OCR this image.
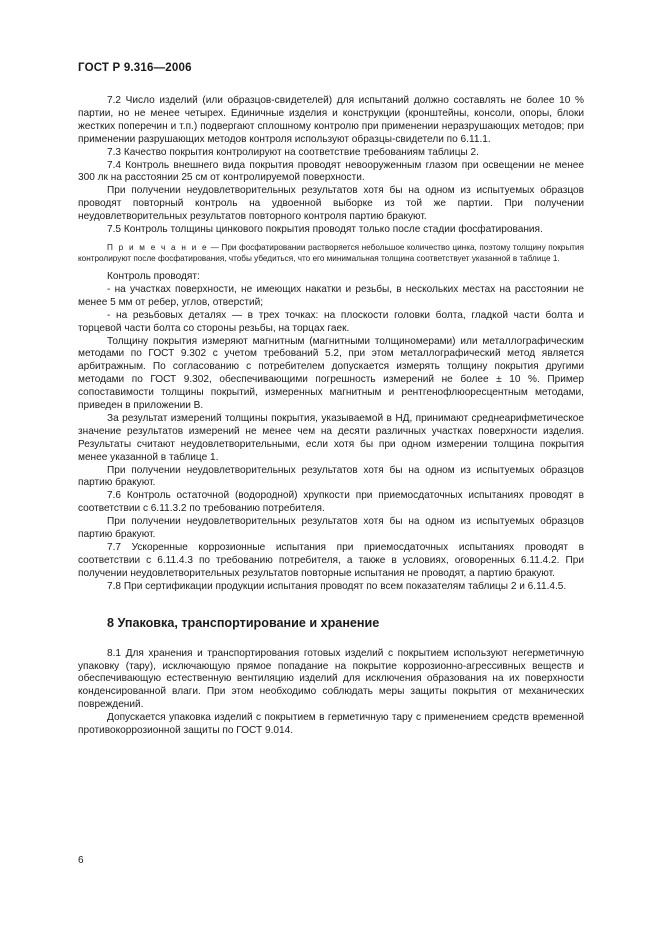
ГОСТ Р 9.316—2006

7.2 Число изделий (или образцов-свидетелей) для испытаний должно составлять не более 10 % партии, но не менее четырех. Единичные изделия и конструкции (кронштейны, консоли, опоры, блоки жестких поперечин и т.п.) подвергают сплошному контролю при применении неразрушающих методов; при применении разрушающих методов контроля используют образцы-свидетели по 6.11.1.

7.3 Качество покрытия контролируют на соответствие требованиям таблицы 2.

7.4 Контроль внешнего вида покрытия проводят невооруженным глазом при освещении не менее 300 лк на расстоянии 25 см от контролируемой поверхности.

При получении неудовлетворительных результатов хотя бы на одном из испытуемых образцов проводят повторный контроль на удвоенной выборке из той же партии. При получении неудовлетворительных результатов повторного контроля партию бракуют.

7.5 Контроль толщины цинкового покрытия проводят только после стадии фосфатирования.

П р и м е ч а н и е — При фосфатировании растворяется небольшое количество цинка, поэтому толщину покрытия контролируют после фосфатирования, чтобы убедиться, что его минимальная толщина соответствует указанной в таблице 1.

Контроль проводят:

- на участках поверхности, не имеющих накатки и резьбы, в нескольких местах на расстоянии не менее 5 мм от ребер, углов, отверстий;

- на резьбовых деталях — в трех точках: на плоскости головки болта, гладкой части болта и торцевой части болта со стороны резьбы, на торцах гаек.

Толщину покрытия измеряют магнитным (магнитными толщиномерами) или металлографическим методами по ГОСТ 9.302 с учетом требований 5.2, при этом металлографический метод является арбитражным. По согласованию с потребителем допускается измерять толщину покрытия другими методами по ГОСТ 9.302, обеспечивающими погрешность измерений не более ± 10 %. Пример сопоставимости толщины покрытий, измеренных магнитным и рентгенофлюоресцентным методами, приведен в приложении В.

За результат измерений толщины покрытия, указываемой в НД, принимают среднеарифметическое значение результатов измерений не менее чем на десяти различных участках поверхности изделия. Результаты считают неудовлетворительными, если хотя бы при одном измерении толщина покрытия менее указанной в таблице 1.

При получении неудовлетворительных результатов хотя бы на одном из испытуемых образцов партию бракуют.

7.6 Контроль остаточной (водородной) хрупкости при приемосдаточных испытаниях проводят в соответствии с 6.11.3.2 по требованию потребителя.

При получении неудовлетворительных результатов хотя бы на одном из испытуемых образцов партию бракуют.

7.7 Ускоренные коррозионные испытания при приемосдаточных испытаниях проводят в соответствии с 6.11.4.3 по требованию потребителя, а также в условиях, оговоренных 6.11.4.2. При получении неудовлетворительных результатов повторные испытания не проводят, а партию бракуют.

7.8 При сертификации продукции испытания проводят по всем показателям таблицы 2 и 6.11.4.5.

8 Упаковка, транспортирование и хранение

8.1 Для хранения и транспортирования готовых изделий с покрытием используют негерметичную упаковку (тару), исключающую прямое попадание на покрытие коррозионно-агрессивных веществ и обеспечивающую естественную вентиляцию изделий для исключения образования на их поверхности конденсированной влаги. При этом необходимо соблюдать меры защиты покрытия от механических повреждений.

Допускается упаковка изделий с покрытием в герметичную тару с применением средств временной противокоррозионной защиты по ГОСТ 9.014.

6
